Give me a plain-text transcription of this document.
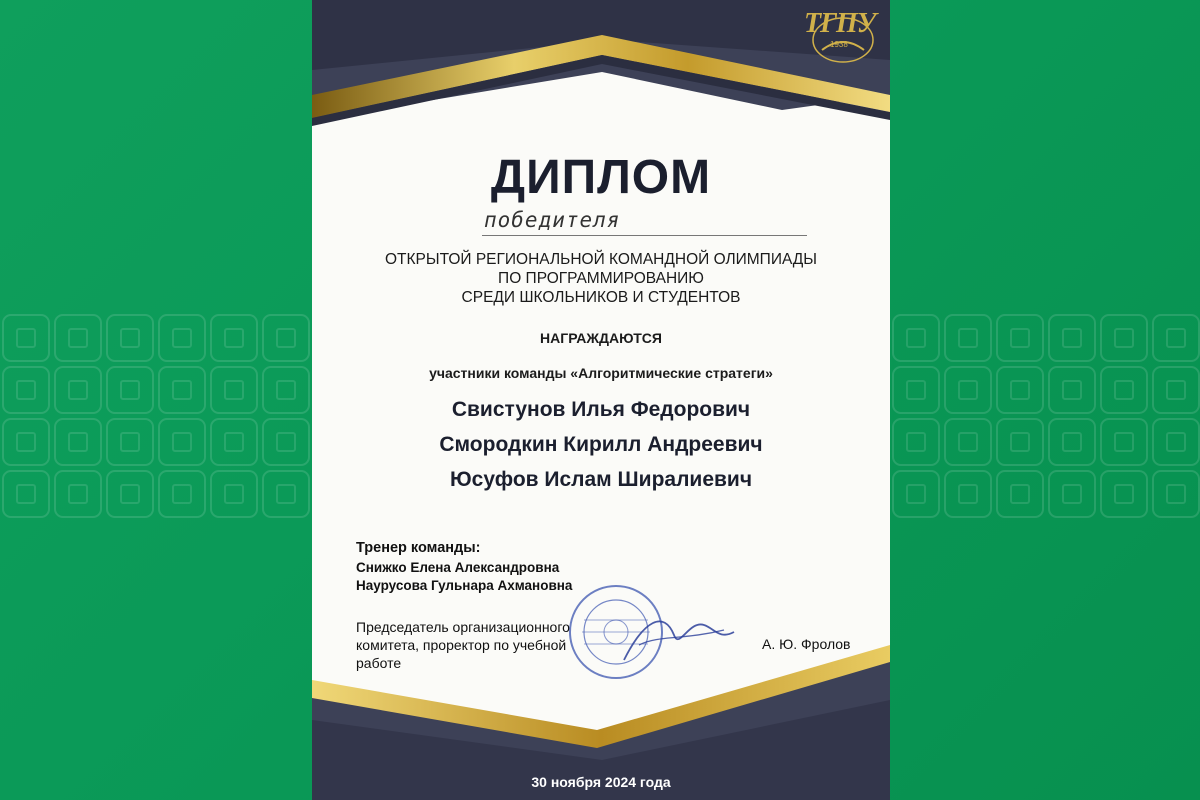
ТГПУ
1938
ДИПЛОМ
победителя
ОТКРЫТОЙ РЕГИОНАЛЬНОЙ КОМАНДНОЙ ОЛИМПИАДЫ
ПО ПРОГРАММИРОВАНИЮ
СРЕДИ ШКОЛЬНИКОВ И СТУДЕНТОВ
НАГРАЖДАЮТСЯ
участники команды «Алгоритмические стратеги»
Свистунов Илья Федорович
Смородкин Кирилл Андреевич
Юсуфов Ислам Ширалиевич
Тренер команды:
Снижко Елена Александровна
Наурусова Гульнара Ахмановна
Председатель организационного комитета, проректор по учебной работе
А. Ю. Фролов
30 ноября 2024 года
